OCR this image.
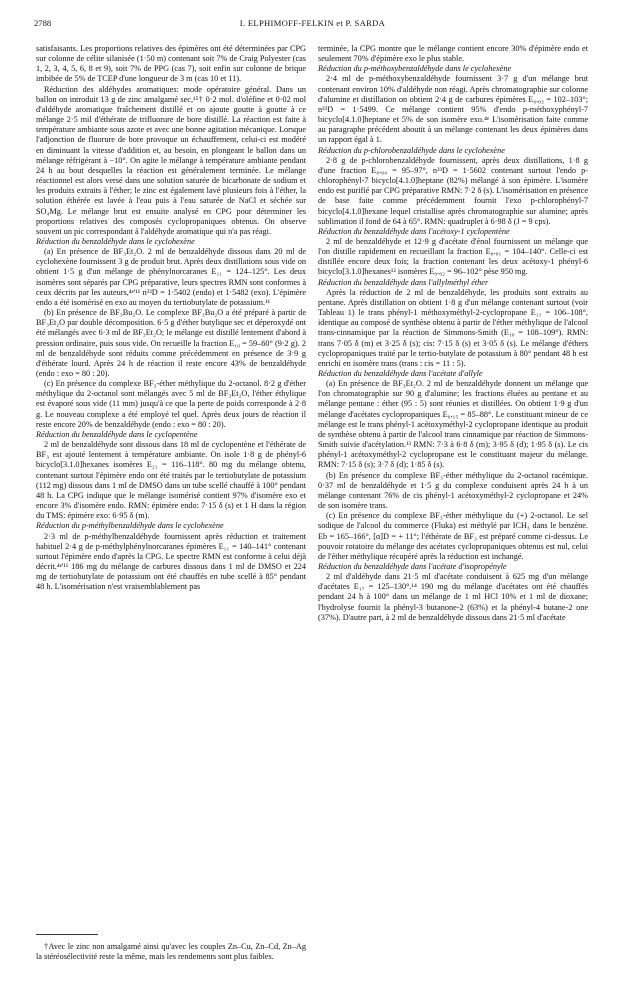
2788	I. ELPHIMOFF-FELKIN et P. SARDA

satisfaisants. Les proportions relatives des épimères ont été déterminées par CPG sur colonne de célite silanisée (1·50 m) contenant soit 7% de Craig Polyester (cas 1, 2, 3, 4, 5, 6, 8 et 9), soit 7% de PPG (cas 7), soit enfin sur colonne de brique imbibée de 5% de TCEP d'une longueur de 3 m (cas 10 et 11).

Réduction des aldéhydes aromatiques: mode opératoire général. Dans un ballon on introduit 13 g de zinc amalgamé sec,¹⁵† 0·2 mol. d'oléfine et 0·02 mol d'aldéhyde aromatique fraîchement distillé et on ajoute goutte à goutte à ce mélange 2·5 mil d'éthérate de trifluorure de bore distillé. La réaction est faite à température ambiante sous azote et avec une bonne agitation mécanique. Lorsque l'adjonction de fluorure de bore provoque un échauffement, celui-ci est modéré en diminuant la vitesse d'addition et, au besoin, en plongeant le ballon dans un mélange réfrigérant à −10°. On agite le mélange à température ambiante pendant 24 h au bout desquelles la réaction est généralement terminée. Le mélange réactionnel est alors versé dans une solution saturée de bicarbonate de sodium et les produits extraits à l'éther; le zinc est également lavé plusieurs fois à l'éther, la solution éthérée est lavée à l'eau puis à l'eau saturée de NaCl et séchée sur SO₄Mg. Le mélange brut est ensuite analysé en CPG pour déterminer les proportions relatives des composés cyclopropaniques obtenus. On observe souvent un pic correspondant à l'aldéhyde aromatique qui n'a pas réagi.

Réduction du benzaldéhyde dans le cyclohexène

(a) En présence de BF₃Et₂O. 2 ml de benzaldéhyde dissous dans 20 ml de cyclohexène fournissent 3 g de produit brut. Après deux distillations sous vide on obtient 1·5 g d'un mélange de phénylnorcaranes E₁₁ = 124–125°. Les deux isomères sont séparés par CPG préparative, leurs spectres RMN sont conformes à ceux décrits par les auteurs,⁴ᵉ'¹¹ n²³D = 1·5402 (endo) et 1·5482 (exo). L'épimère endo a été isomérisé en exo au moyen du tertiobutylate de potassium.¹¹

(b) En présence de BF₃Bu₂O. Le complexe BF₃Bu₂O a été préparé à partir de BF₃Et₂O par double décomposition. 6·5 g d'éther butylique sec et déperoxydé ont été mélangés avec 6·3 ml de BF₃Et₂O; le mélange est distillé lentement d'abord à pression ordinaire, puis sous vide. On recueille la fraction E₁₀ = 59–60° (9·2 g). 2 ml de benzaldéhyde sont réduits comme précédemment en présence de 3·9 g d'éthérate lourd. Après 24 h de réaction il reste encore 43% de benzaldéhyde (endo : exo = 80 : 20).

(c) En présence du complexe BF₃-éther méthylique du 2-octanol. 8·2 g d'éther méthylique du 2-octanol sont mélangés avec 5 ml de BF₃Et₂O, l'éther éthylique est évaporé sous vide (11 mm) jusqu'à ce que la perte de poids corresponde à 2·8 g. Le nouveau complexe a été employé tel quel. Après deux jours de réaction il reste encore 20% de benzaldéhyde (endo : exo = 80 : 20).

Réduction du benzaldéhyde dans le cyclopentène

2 ml de benzaldéhyde sont dissous dans 18 ml de cyclopentène et l'éthérate de BF₃ est ajouté lentement à température ambiante. On isole 1·8 g de phényl-6 bicyclo[3.1.0]hexanes isomères E₂₁ = 116–118°. 80 mg du mélange obtenu, contenant surtout l'épimère endo ont été traités par le tertiobutylate de potassium (112 mg) dissous dans 1 ml de DMSO dans un tube scellé chauffé à 100° pendant 48 h. La CPG indique que le mélange isomérisé contient 97% d'isomère exo et encore 3% d'isomère endo. RMN: épimère endo: 7·15 δ (s) et 1 H dans la région du TMS: épimère exo: 6·95 δ (m).

Réduction du p-méthylbenzaldéhyde dans le cyclohexène

2·3 ml de p-méthylbenzaldéhyde fournissent après réduction et traitement habituel 2·4 g de p-méthylphénylnorcaranes épimères E₁₁ = 140–141° contenant surtout l'épimère endo d'après la CPG. Le spectre RMN est conforme à celui déjà décrit.⁴ᵉ'¹¹ 186 mg du mélange de carbures dissous dans 1 ml de DMSO et 224 mg de tertiobutylate de potassium ont été chauffés en tube scellé à 85° pendant 48 h. L'isomérisation n'est vraisemblablement pas

terminée, la CPG montre que le mélange contient encore 30% d'épimère endo et seulement 70% d'épimère exo le plus stable.

Réduction du p-méthoxybenzaldéhyde dans le cyclohexène

2·4 ml de p-méthoxybenzaldéhyde fournissent 3·7 g d'un mélange brut contenant environ 10% d'aldéhyde non réagi. Après chromatographie sur colonne d'alumine et distillation on obtient 2·4 g de carbures épimères E₀.₀₃ = 102–103°; n²³D = 1·5499. Ce mélange contient 95% d'endo p-méthoxyphényl-7 bicyclo[4.1.0]heptane et 5% de son isomère exo.⁴ᵉ L'isomérisation faite comme au paragraphe précédent aboutit à un mélange contenant les deux épimères dans un rapport égal à 1.

Réduction du p-chlorobenzaldéhyde dans le cyclohexène

2·8 g de p-chlorobenzaldéhyde fournissent, après deux distillations, 1·8 g d'une fraction E₀.₀₄ = 95–97°, n²³D = 1·5602 contenant surtout l'endo p-chlorophényl-7 bicyclo[4.1.0]heptane (82%) mélangé à son épimère. L'isomère endo est purifié par CPG préparative RMN: 7·2 δ (s). L'isomérisation en présence de base faite comme précédemment fournit l'exo p-chlorophényl-7 bicyclo[4.1.0]hexane lequel cristallise après chromatographie sur alumine; après sublimation il fond de 64 à 65°. RMN: quadruplet à 6·98 δ (J = 9 cps).

Réduction du benzaldéhyde dans l'acétoxy-1 cyclopentène

2 ml de benzaldéhyde et 12·9 g d'acétate d'énol fournissent un mélange que l'on distille rapidement en recueillant la fraction E₀.₀₁ = 104–140°. Celle-ci est distillée encore deux fois; la fraction contenant les deux acétoxy-1 phényl-6 bicyclo[3.1.0]hexanes¹² isomères E₀.₀₂ = 96–102° pèse 950 mg.

Réduction du benzaldéhyde dans l'allylméthyl éther

Après la réduction de 2 ml de benzaldéhyde, les produits sont extraits au pentane. Après distillation on obtient 1·8 g d'un mélange contenant surtout (voir Tableau 1) le trans phényl-1 méthoxyméthyl-2-cyclopropane E₁₁ = 106–108°, identique au composé de synthèse obtenu à partir de l'éther méthylique de l'alcool trans-cinnamique par la réaction de Simmons-Smith (E₁₀ = 108–109°). RMN: trans 7·05 δ (m) et 3·25 δ (s); cis: 7·15 δ (s) et 3·05 δ (s). Le mélange d'éthers cyclopropaniques traité par le tertio-butylate de potassium à 80° pendant 48 h est enrichi en isomère trans (trans : cis = 11 : 5).

Réduction du benzaldéhyde dans l'acétate d'allyle

(a) En présence de BF₃Et₂O. 2 ml de benzaldéhyde donnent un mélange que l'on chromatographie sur 90 g d'alumine; les fractions éluées au pentane et au mélange pentane : éther (95 : 5) sont réunies et distillées. On obtient 1·9 g d'un mélange d'acétates cyclopropaniques E₀.₁₅ = 85–88°. Le constituant mineur de ce mélange est le trans phényl-1 acétoxyméthyl-2 cyclopropane identique au produit de synthèse obtenu à partir de l'alcool trans cinnamique par réaction de Simmons-Smith suivie d'acétylation.¹³ RMN: 7·3 à 6·8 δ (m); 3·95 δ (d); 1·95 δ (s). Le cis phényl-1 acétoxyméthyl-2 cyclopropane est le constituant majeur du mélange. RMN: 7·15 δ (s); 3·7 δ (d); 1·85 δ (s).

(b) En présence du complexe BF₃-éther méthylique du 2-octanol racémique. 0·37 ml de benzaldéhyde et 1·5 g du complexe conduisent après 24 h à un mélange contenant 76% de cis phényl-1 acétoxyméthyl-2 cyclopropane et 24% de son isomère trans.

(c) En présence du complexe BF₃-éther méthylique du (+) 2-octanol. Le sel sodique de l'alcool du commerce (Fluka) est méthylé par ICH₃ dans le benzène. Eb = 165–166°, [α]D = + 11°; l'éthérate de BF₃ est préparé comme ci-dessus. Le pouvoir rotatoire du mélange des acétates cyclopropaniques obtenus est nul, celui de l'éther méthylique récupéré après la réduction est inchangé.

Réduction du benzaldéhyde dans l'acétate d'isopropényle

2 ml d'aldéhyde dans 21·5 ml d'acétate conduisent à 625 mg d'un mélange d'acétates E₁₇ = 125–130°.¹⁴ 190 mg du mélange d'acétates ont été chauffés pendant 24 h à 100° dans un mélange de 1 ml HCl 10% et 1 ml de dioxane; l'hydrolyse fournit la phényl-3 butanone-2 (63%) et la phényl-4 butane-2 one (37%). D'autre part, à 2 ml de benzaldéhyde dissous dans 21·5 ml d'acétate

†Avec le zinc non amalgamé ainsi qu'avec les couples Zn–Cu, Zn–Cd, Zn–Ag la stéréosélectivité reste la même, mais les rendements sont plus faibles.
